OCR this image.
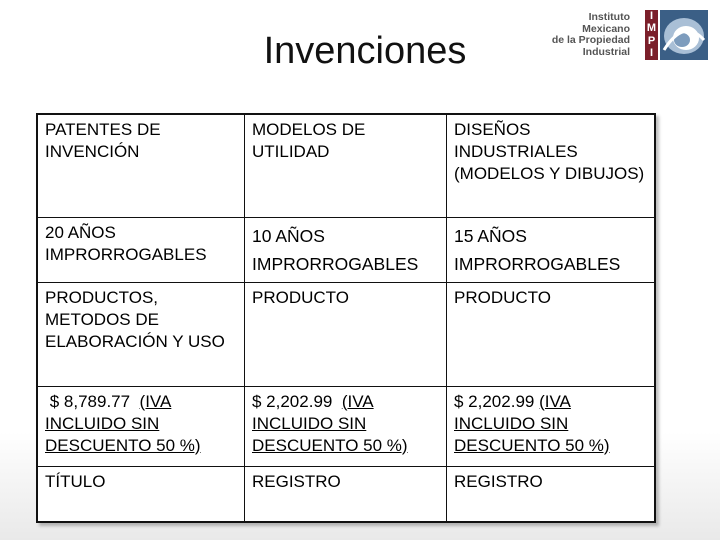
Invenciones
Instituto
Mexicano
de la Propiedad
Industrial
I
M
P
I
PATENTES DE INVENCIÓN	MODELOS DE UTILIDAD	DISEÑOS INDUSTRIALES (MODELOS Y DIBUJOS)
20 AÑOS IMPRORROGABLES	10 AÑOS IMPRORROGABLES	15 AÑOS IMPRORROGABLES
PRODUCTOS, METODOS DE ELABORACIÓN Y USO	PRODUCTO	PRODUCTO
$ 8,789.77  (IVA INCLUIDO SIN DESCUENTO 50 %)	$ 2,202.99  (IVA INCLUIDO SIN DESCUENTO 50 %)	$ 2,202.99 (IVA INCLUIDO SIN DESCUENTO 50 %)
TÍTULO	REGISTRO	REGISTRO
